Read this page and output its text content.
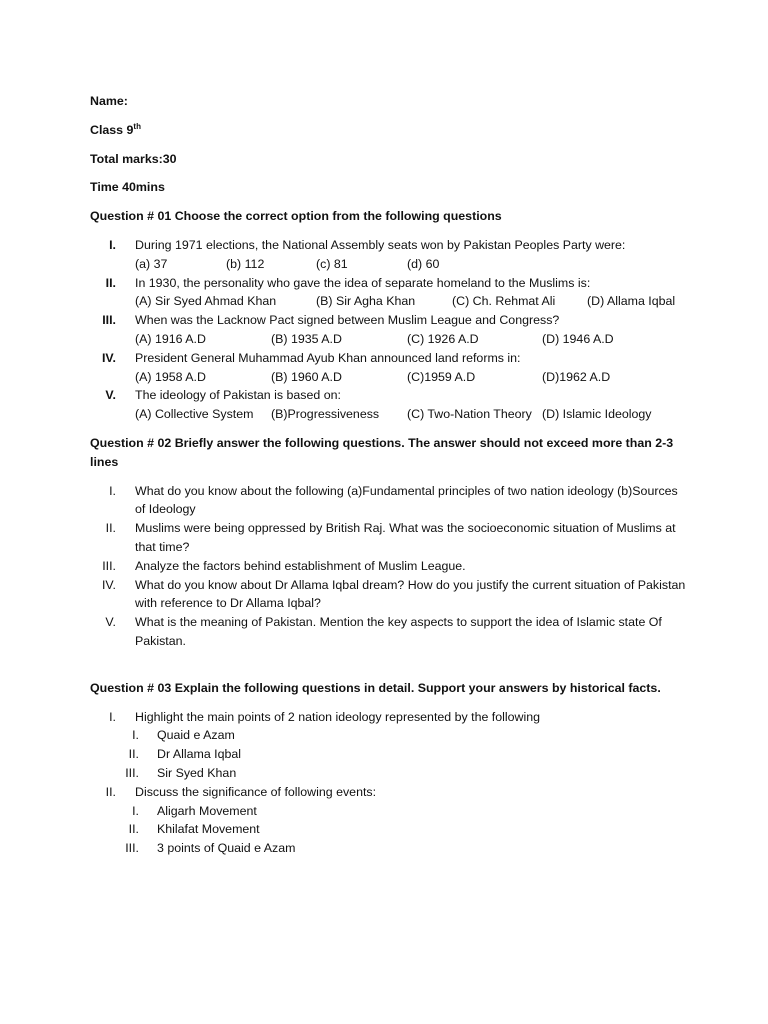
Name:
Class 9th
Total marks:30
Time 40mins
Question # 01 Choose the correct option from the following questions
I. During 1971 elections, the National Assembly seats won by Pakistan Peoples Party were:
(a) 37	(b) 112	(c) 81	(d) 60
II. In 1930, the personality who gave the idea of separate homeland to the Muslims is:
(A) Sir Syed Ahmad Khan	(B) Sir Agha Khan	(C) Ch. Rehmat Ali	(D) Allama Iqbal
III. When was the Lacknow Pact signed between Muslim League and Congress?
(A) 1916 A.D	(B) 1935 A.D	(C) 1926 A.D	(D) 1946 A.D
IV. President General Muhammad Ayub Khan announced land reforms in:
(A) 1958 A.D	(B) 1960 A.D	(C)1959 A.D	(D)1962 A.D
V. The ideology of Pakistan is based on:
(A) Collective System	(B)Progressiveness	(C) Two-Nation Theory (D) Islamic Ideology
Question # 02 Briefly answer the following questions. The answer should not exceed more than 2-3 lines
I. What do you know about the following (a)Fundamental principles of two nation ideology (b)Sources of Ideology
II. Muslims were being oppressed by British Raj. What was the socioeconomic situation of Muslims at that time?
III. Analyze the factors behind establishment of Muslim League.
IV. What do you know about Dr Allama Iqbal dream? How do you justify the current situation of Pakistan with reference to Dr Allama Iqbal?
V. What is the meaning of Pakistan. Mention the key aspects to support the idea of Islamic state Of Pakistan.
Question # 03 Explain the following questions in detail. Support your answers by historical facts.
I. Highlight the main points of 2 nation ideology represented by the following
I. Quaid e Azam
II. Dr Allama Iqbal
III. Sir Syed Khan
II. Discuss the significance of following events:
I. Aligarh Movement
II. Khilafat Movement
III. 3 points of Quaid e Azam
